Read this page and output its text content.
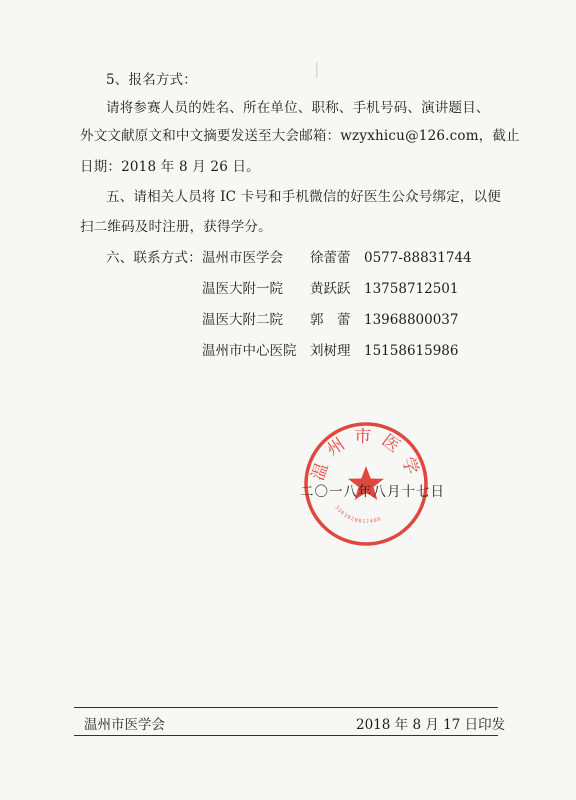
5、报名方式：
请将参赛人员的姓名、所在单位、职称、手机号码、演讲题目、
外文文献原文和中文摘要发送至大会邮箱：wzyxhicu@126.com，截止
日期：2018 年 8 月 26 日。
五、请相关人员将 IC 卡号和手机微信的好医生公众号绑定，以便
扫二维码及时注册，获得学分。
六、联系方式： 温州市医学会 徐蕾蕾 0577-88831744
温医大附一院 黄跃跃 13758712501
温医大附二院 郭　蕾 13968800037
温州市中心医院 刘树理 15158615986
温州市医学
3303020017400
二〇一八年八月十七日
温州市医学会	2018 年 8 月 17 日印发
